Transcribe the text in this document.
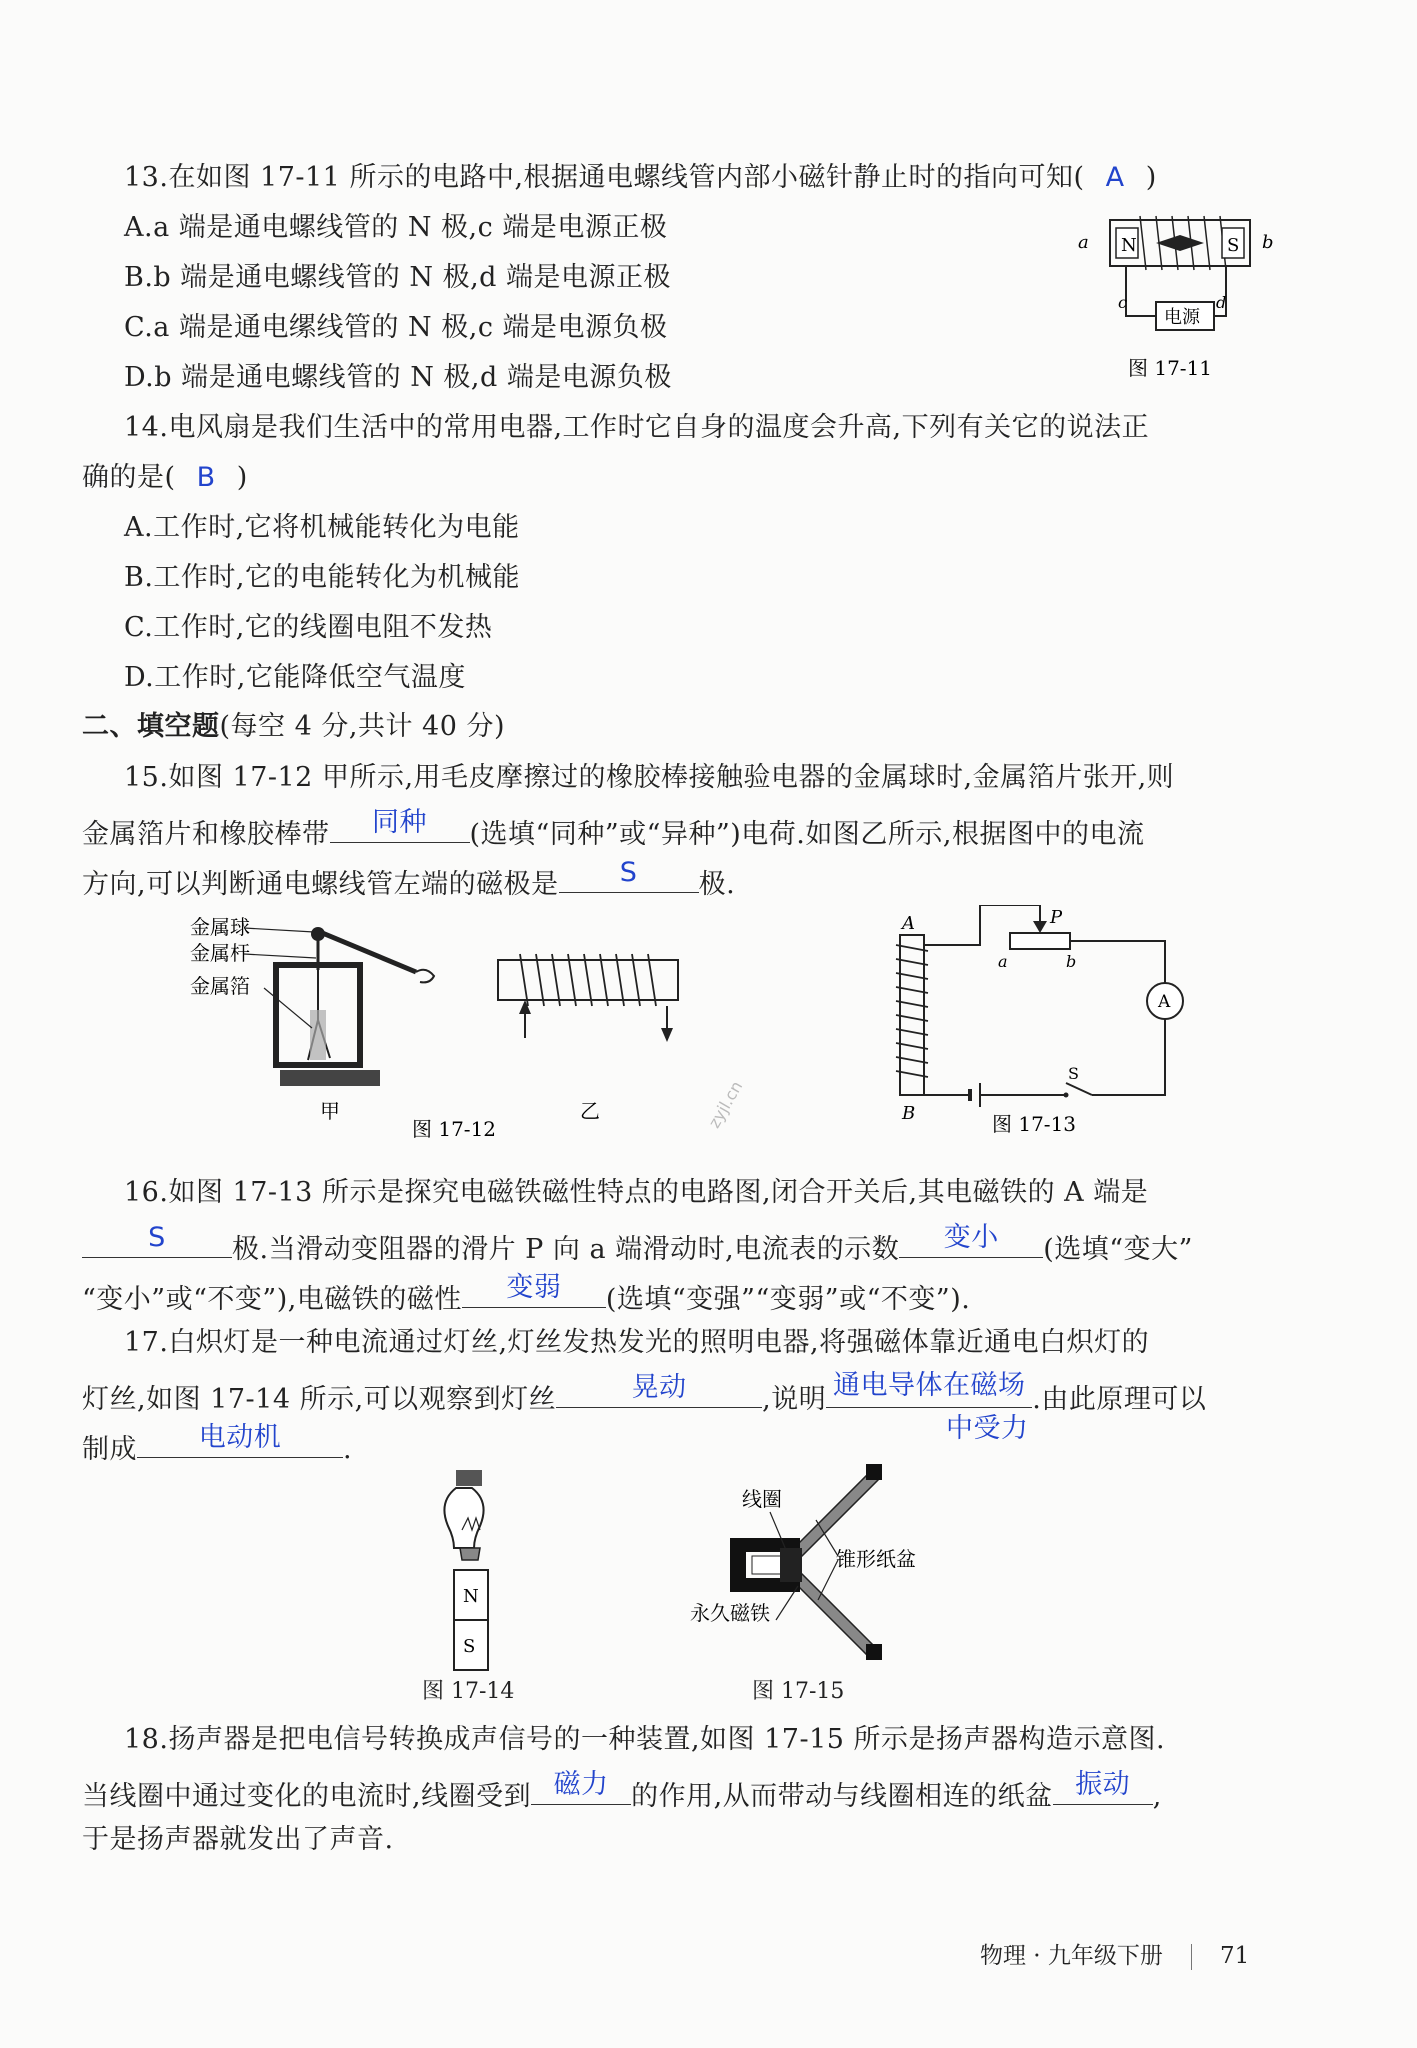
13.在如图 17-11 所示的电路中,根据通电螺线管内部小磁针静止时的指向可知( A )
A.a 端是通电螺线管的 N 极,c 端是电源正极
B.b 端是通电螺线管的 N 极,d 端是电源正极
C.a 端是通电缧线管的 N 极,c 端是电源负极
D.b 端是通电螺线管的 N 极,d 端是电源负极
N	S
a	b
电源
c	d
图 17-11
14.电风扇是我们生活中的常用电器,工作时它自身的温度会升高,下列有关它的说法正
确的是( B )
A.工作时,它将机械能转化为电能
B.工作时,它的电能转化为机械能
C.工作时,它的线圈电阻不发热
D.工作时,它能降低空气温度
二、填空题(每空 4 分,共计 40 分)
15.如图 17-12 甲所示,用毛皮摩擦过的橡胶棒接触验电器的金属球时,金属箔片张开,则
金属箔片和橡胶棒带	同种	(选填“同种”或“异种”)电荷.如图乙所示,根据图中的电流
方向,可以判断通电螺线管左端的磁极是	S	极.
金属球
金属杆
金属箔
甲	乙
图 17-12	zyjl.cn
A
B
P
a	b
A
S
图 17-13
16.如图 17-13 所示是探究电磁铁磁性特点的电路图,闭合开关后,其电磁铁的 A 端是
S	极.当滑动变阻器的滑片 P 向 a 端滑动时,电流表的示数	变小	(选填“变大”
“变小”或“不变”),电磁铁的磁性	变弱	(选填“变强”“变弱”或“不变”).
17.白炽灯是一种电流通过灯丝,灯丝发热发光的照明电器,将强磁体靠近通电白炽灯的
灯丝,如图 17-14 所示,可以观察到灯丝	晃动	,说明 通电导体在磁场 .由此原理可以
中受力
制成	电动机	.
N
S
图 17-14
线圈
锥形纸盆
永久磁铁
图 17-15
18.扬声器是把电信号转换成声信号的一种装置,如图 17-15 所示是扬声器构造示意图.
当线圈中通过变化的电流时,线圈受到 磁力 的作用,从而带动与线圈相连的纸盆 振动 ,
于是扬声器就发出了声音.
物理 · 九年级下册 71
